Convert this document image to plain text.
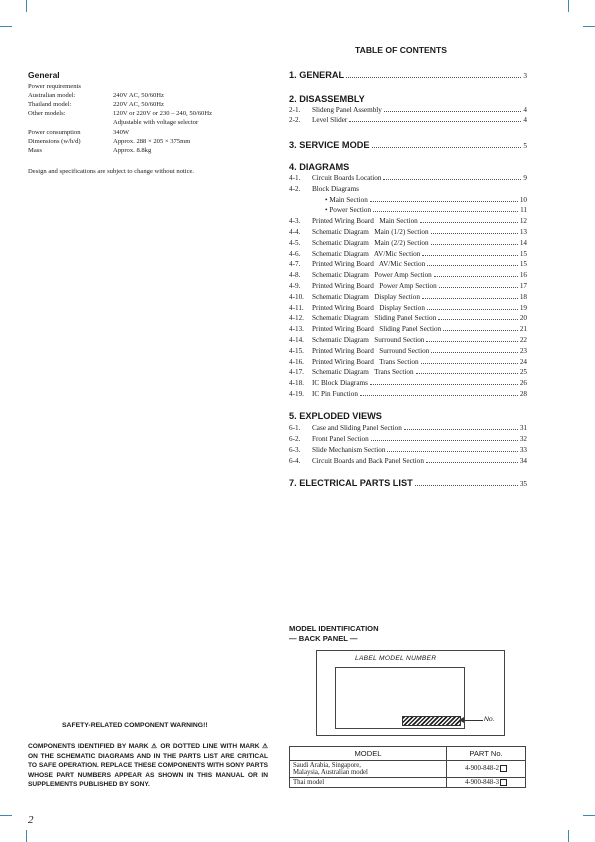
General
Power requirements
Australian model:	240V AC, 50/60Hz
Thailand model:	220V AC, 50/60Hz
Other models:	120V or 220V or 230 – 240, 50/60Hz
Adjustable with voltage selector
Power consumption	340W
Dimensions (w/h/d)	Approx. 288 × 205 × 375mm
Mass	Approx. 8.8kg
Design and specifications are subject to change without notice.
TABLE OF CONTENTS
1. GENERAL	3
2. DISASSEMBLY
2-1.	Slideng Panel Assembly	4
2-2.	Level Slider	4
3. SERVICE MODE	5
4. DIAGRAMS
4-1.	Circuit Boards Location	9
4-2.	Block Diagrams
• Main Section	10
• Power Section	11
4-3.	Printed Wiring Board   Main Section	12
4-4.	Schematic Diagram   Main (1/2) Section	13
4-5.	Schematic Diagram   Main (2/2) Section	14
4-6.	Schematic Diagram   AV/Mic Section	15
4-7.	Printed Wiring Board   AV/Mic Section	15
4-8.	Schematic Diagram   Power Amp Section	16
4-9.	Printed Wiring Board   Power Amp Section	17
4-10.	Schematic Diagram   Display Section	18
4-11.	Printed Wiring Board   Display Section	19
4-12.	Schematic Diagram   Sliding Panel Section	20
4-13.	Printed Wiring Board   Sliding Panel Section	21
4-14.	Schematic Diagram   Surround Section	22
4-15.	Printed Wiring Board   Surround Section	23
4-16.	Printed Wiring Board   Trans Section	24
4-17.	Schematic Diagram   Trans Section	25
4-18.	IC Block Diagrams	26
4-19.	IC Pin Function	28
5. EXPLODED VIEWS
6-1.	Case and Sliding Panel Section	31
6-2.	Front Panel Section	32
6-3.	Slide Mechanism Section	33
6-4.	Circuit Boards and Back Panel Section	34
7. ELECTRICAL PARTS LIST	35
MODEL IDENTIFICATION
— BACK PANEL —
LABEL MODEL NUMBER
No.
MODEL	PART No.

Saudi Arabia, Singapore,
Malaysia, Australian model	4-900-848-2
Thai model	4-900-848-3
SAFETY-RELATED COMPONENT WARNING!!
COMPONENTS IDENTIFIED BY MARK ⚠ OR DOTTED LINE WITH MARK ⚠ ON THE SCHEMATIC DIAGRAMS AND IN THE PARTS LIST ARE CRITICAL TO SAFE OPERATION. REPLACE THESE COMPONENTS WITH SONY PARTS WHOSE PART NUMBERS APPEAR AS SHOWN IN THIS MANUAL OR IN SUPPLEMENTS PUBLISHED BY SONY.
2
